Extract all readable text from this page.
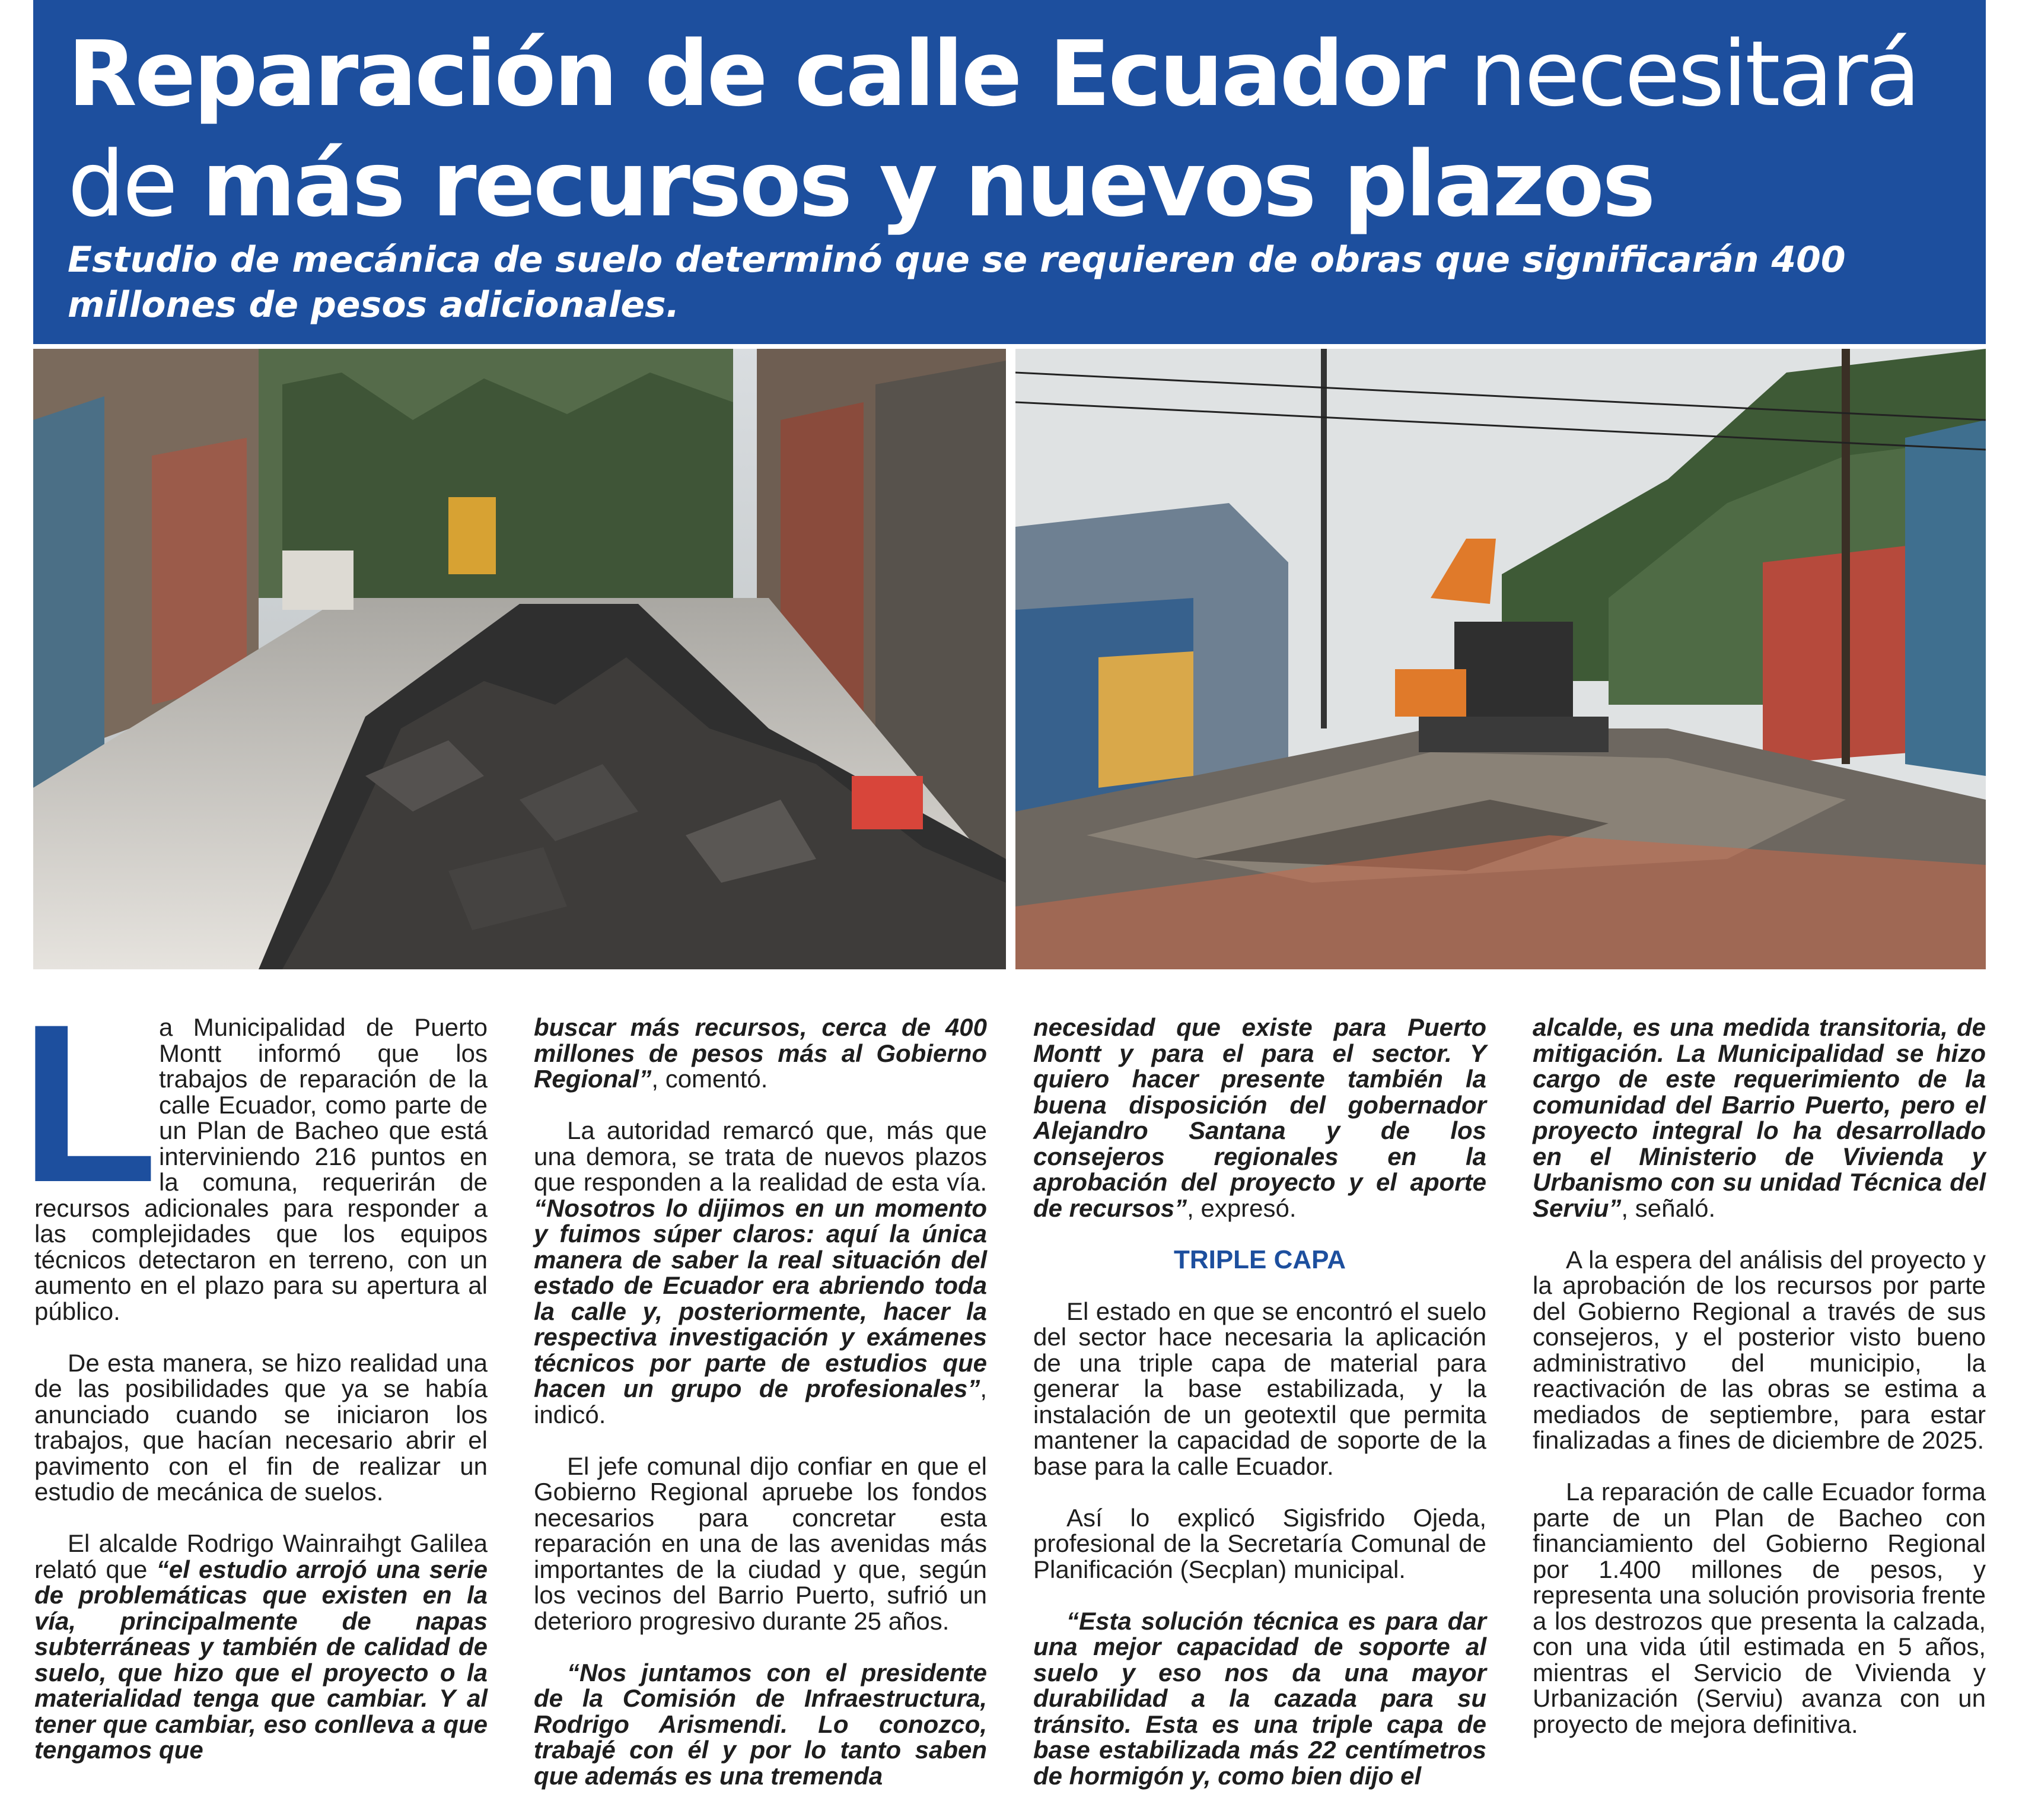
Reparación de calle Ecuador necesitará
de más recursos y nuevos plazos

Estudio de mecánica de suelo determinó que se requieren de obras que significarán 400 millones de pesos adicionales.

L a Municipalidad de Puerto Montt informó que los trabajos de reparación de la calle Ecuador, como parte de un Plan de Bacheo que está interviniendo 216 puntos en la comuna, requerirán de recursos adicionales para responder a las complejidades que los equipos técnicos detectaron en terreno, con un aumento en el plazo para su apertura al público.

De esta manera, se hizo realidad una de las posibilidades que ya se había anunciado cuando se iniciaron los trabajos, que hacían necesario abrir el pavimento con el fin de realizar un estudio de mecánica de suelos.

El alcalde Rodrigo Wainraihgt Galilea relató que “el estudio arrojó una serie de problemáticas que existen en la vía, principalmente de napas subterráneas y también de calidad de suelo, que hizo que el proyecto o la materialidad tenga que cambiar. Y al tener que cambiar, eso conlleva a que tengamos que

buscar más recursos, cerca de 400 millones de pesos más al Gobierno Regional”, comentó.

La autoridad remarcó que, más que una demora, se trata de nuevos plazos que responden a la realidad de esta vía. “Nosotros lo dijimos en un momento y fuimos súper claros: aquí la única manera de saber la real situación del estado de Ecuador era abriendo toda la calle y, posteriormente, hacer la respectiva investigación y exámenes técnicos por parte de estudios que hacen un grupo de profesionales”, indicó.

El jefe comunal dijo confiar en que el Gobierno Regional apruebe los fondos necesarios para concretar esta reparación en una de las avenidas más importantes de la ciudad y que, según los vecinos del Barrio Puerto, sufrió un deterioro progresivo durante 25 años.

“Nos juntamos con el presidente de la Comisión de Infraestructura, Rodrigo Arismendi. Lo conozco, trabajé con él y por lo tanto saben que además es una tremenda

necesidad que existe para Puerto Montt y para el para el sector. Y quiero hacer presente también la buena disposición del gobernador Alejandro Santana y de los consejeros regionales en la aprobación del proyecto y el aporte de recursos”, expresó.

TRIPLE CAPA

El estado en que se encontró el suelo del sector hace necesaria la aplicación de una triple capa de material para generar la base estabilizada, y la instalación de un geotextil que permita mantener la capacidad de soporte de la base para la calle Ecuador.

Así lo explicó Sigisfrido Ojeda, profesional de la Secretaría Comunal de Planificación (Secplan) municipal.

“Esta solución técnica es para dar una mejor capacidad de soporte al suelo y eso nos da una mayor durabilidad a la cazada para su tránsito. Esta es una triple capa de base estabilizada más 22 centímetros de hormigón y, como bien dijo el

alcalde, es una medida transitoria, de mitigación. La Municipalidad se hizo cargo de este requerimiento de la comunidad del Barrio Puerto, pero el proyecto integral lo ha desarrollado en el Ministerio de Vivienda y Urbanismo con su unidad Técnica del Serviu”, señaló.

A la espera del análisis del proyecto y la aprobación de los recursos por parte del Gobierno Regional a través de sus consejeros, y el posterior visto bueno administrativo del municipio, la reactivación de las obras se estima a mediados de septiembre, para estar finalizadas a fines de diciembre de 2025.

La reparación de calle Ecuador forma parte de un Plan de Bacheo con financiamiento del Gobierno Regional por 1.400 millones de pesos, y representa una solución provisoria frente a los destrozos que presenta la calzada, con una vida útil estimada en 5 años, mientras el Servicio de Vivienda y Urbanización (Serviu) avanza con un proyecto de mejora definitiva.
